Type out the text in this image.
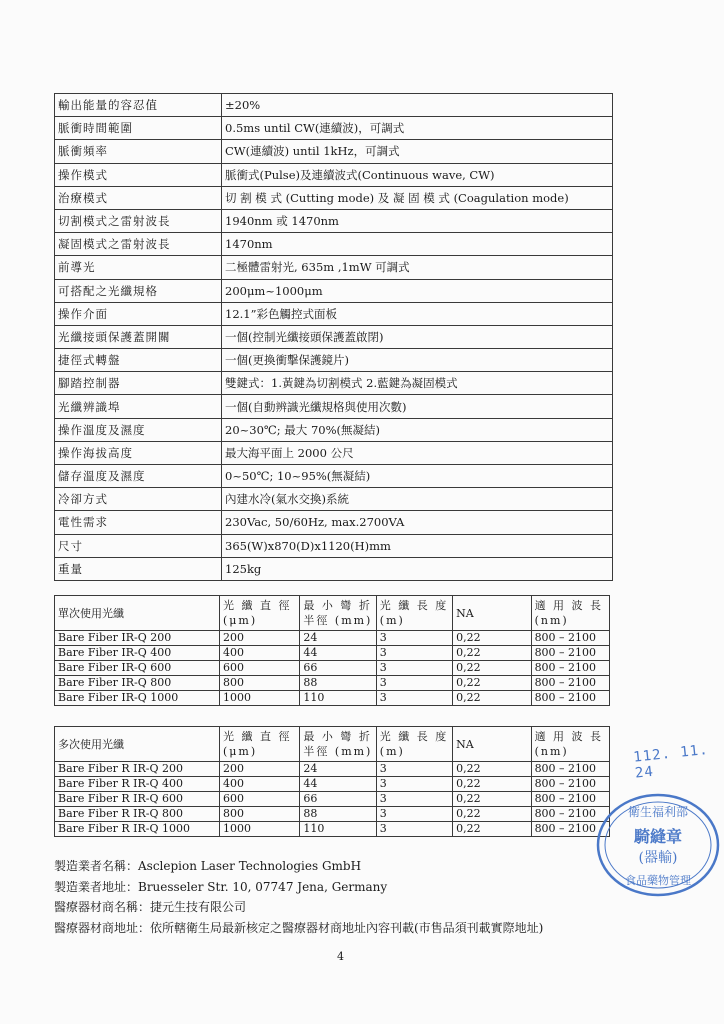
輸出能量的容忍值	±20%
脈衝時間範圍	0.5ms until CW(連續波)，可調式
脈衝頻率	CW(連續波) until 1kHz，可調式
操作模式	脈衝式(Pulse)及連續波式(Continuous wave, CW)
治療模式	切 割 模 式 (Cutting mode) 及 凝 固 模 式 (Coagulation mode)
切割模式之雷射波長	1940nm 或 1470nm
凝固模式之雷射波長	1470nm
前導光	二極體雷射光, 635m ,1mW 可調式
可搭配之光纖規格	200μm~1000μm
操作介面	12.1”彩色觸控式面板
光纖接頭保護蓋開關	一個(控制光纖接頭保護蓋啟閉)
捷徑式轉盤	一個(更換衝擊保護鏡片)
腳踏控制器	雙鍵式：1.黃鍵為切割模式 2.藍鍵為凝固模式
光纖辨識埠	一個(自動辨識光纖規格與使用次數)
操作溫度及濕度	20~30℃; 最大 70%(無凝結)
操作海拔高度	最大海平面上 2000 公尺
儲存溫度及濕度	0~50℃; 10~95%(無凝結)
冷卻方式	內建水冷(氣水交換)系統
電性需求	230Vac, 50/60Hz, max.2700VA
尺寸	365(W)x870(D)x1120(H)mm
重量	125kg
單次使用光纖	光 纖 直 徑 (μm)	最 小 彎 折 半徑 (mm)	光 纖 長 度 (m)	NA	適 用 波 長 (nm)
Bare Fiber IR-Q 200	200	24	3	0,22	800 – 2100
Bare Fiber IR-Q 400	400	44	3	0,22	800 – 2100
Bare Fiber IR-Q 600	600	66	3	0,22	800 – 2100
Bare Fiber IR-Q 800	800	88	3	0,22	800 – 2100
Bare Fiber IR-Q 1000	1000	110	3	0,22	800 – 2100
多次使用光纖	光 纖 直 徑 (μm)	最 小 彎 折 半徑 (mm)	光 纖 長 度 (m)	NA	適 用 波 長 (nm)
Bare Fiber R IR-Q 200	200	24	3	0,22	800 – 2100
Bare Fiber R IR-Q 400	400	44	3	0,22	800 – 2100
Bare Fiber R IR-Q 600	600	66	3	0,22	800 – 2100
Bare Fiber R IR-Q 800	800	88	3	0,22	800 – 2100
Bare Fiber R IR-Q 1000	1000	110	3	0,22	800 – 2100
製造業者名稱：Asclepion Laser Technologies GmbH
製造業者地址：Bruesseler Str. 10, 07747 Jena, Germany
醫療器材商名稱：捷元生技有限公司
醫療器材商地址：依所轄衛生局最新核定之醫療器材商地址內容刊載(市售品須刊載實際地址)
4
112. 11. 24
衛生福利部
騎縫章
(器輸)
食品藥物管理
